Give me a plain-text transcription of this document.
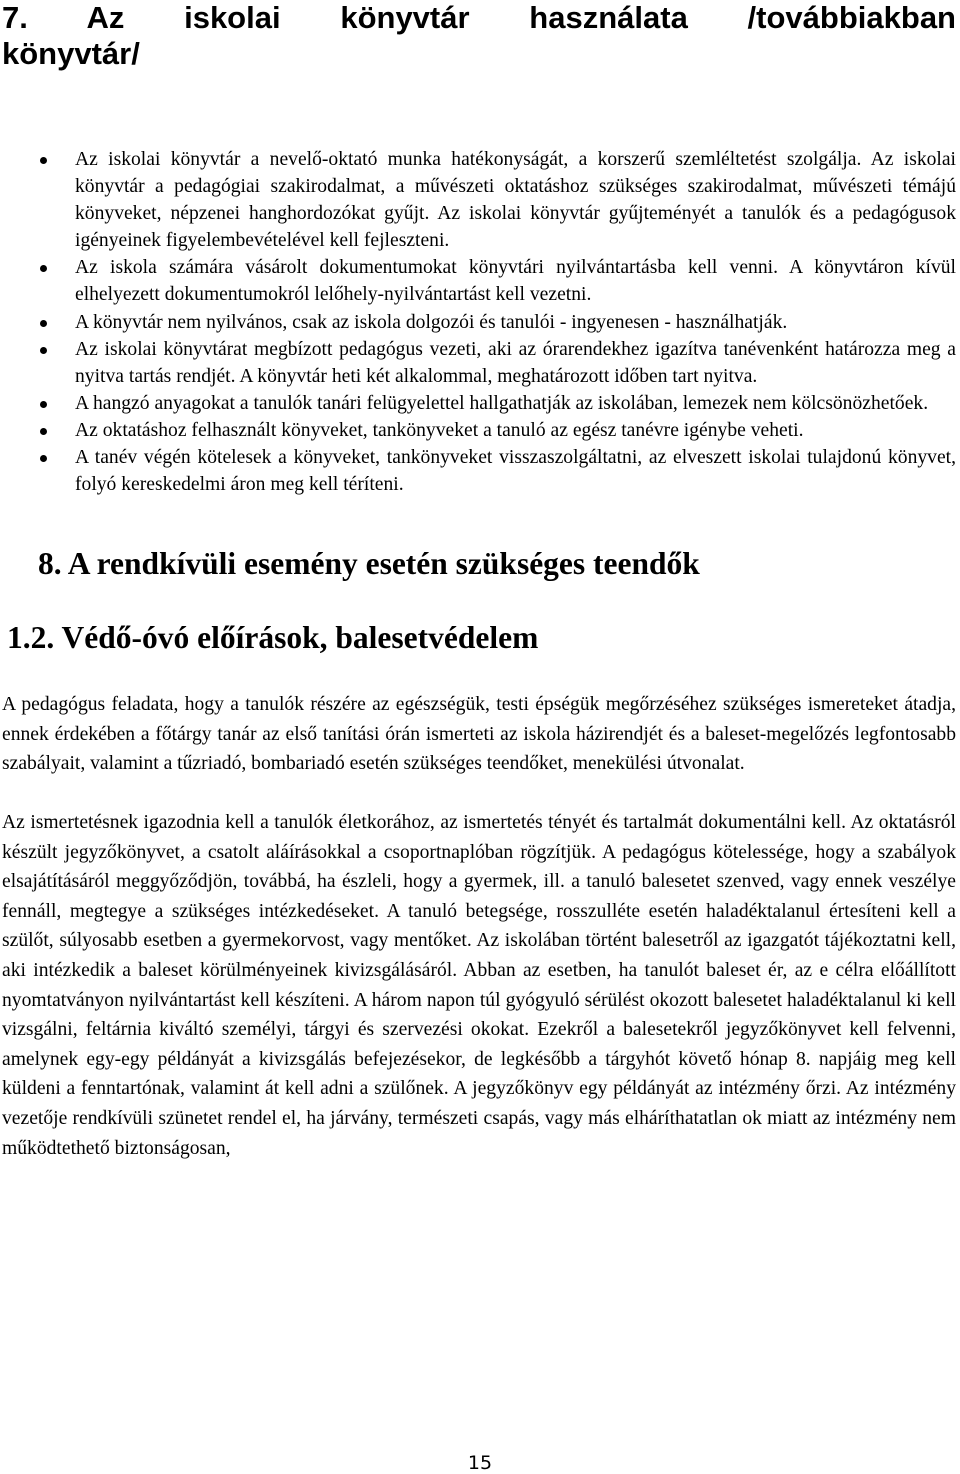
7. Az iskolai könyvtár használata /továbbiakban
könyvtár/
Az iskolai könyvtár a nevelő-oktató munka hatékonyságát, a korszerű szemléltetést szolgálja. Az iskolai könyvtár a pedagógiai szakirodalmat, a művészeti oktatáshoz szükséges szakirodalmat, művészeti témájú könyveket, népzenei hanghordozókat gyűjt. Az iskolai könyvtár gyűjteményét a tanulók és a pedagógusok igényeinek figyelembevételével kell fejleszteni.
Az iskola számára vásárolt dokumentumokat könyvtári nyilvántartásba kell venni. A könyvtáron kívül elhelyezett dokumentumokról lelőhely-nyilvántartást kell vezetni.
A könyvtár nem nyilvános, csak az iskola dolgozói és tanulói - ingyenesen - használhatják.
Az iskolai könyvtárat megbízott pedagógus vezeti, aki az órarendekhez igazítva tanévenként határozza meg a nyitva tartás rendjét. A könyvtár heti két alkalommal, meghatározott időben tart nyitva.
A hangzó anyagokat a tanulók tanári felügyelettel hallgathatják az iskolában, lemezek nem kölcsönözhetőek.
Az oktatáshoz felhasznált könyveket, tankönyveket a tanuló az egész tanévre igénybe veheti.
A tanév végén kötelesek a könyveket, tankönyveket visszaszolgáltatni, az elveszett iskolai tulajdonú könyvet, folyó kereskedelmi áron meg kell téríteni.
8. A rendkívüli esemény esetén szükséges teendők
1.2. Védő-óvó előírások, balesetvédelem

A pedagógus feladata, hogy a tanulók részére az egészségük, testi épségük megőrzéséhez szükséges ismereteket átadja, ennek érdekében a főtárgy tanár az első tanítási órán ismerteti az iskola házirendjét és a baleset-megelőzés legfontosabb szabályait, valamint a tűzriadó, bombariadó esetén szükséges teendőket, menekülési útvonalat.

Az ismertetésnek igazodnia kell a tanulók életkorához, az ismertetés tényét és tartalmát dokumentálni kell. Az oktatásról készült jegyzőkönyvet, a csatolt aláírásokkal a csoportnaplóban rögzítjük. A pedagógus kötelessége, hogy a szabályok elsajátításáról meggyőződjön, továbbá, ha észleli, hogy a gyermek, ill. a tanuló balesetet szenved, vagy ennek veszélye fennáll, megtegye a szükséges intézkedéseket. A tanuló betegsége, rosszulléte esetén haladéktalanul értesíteni kell a szülőt, súlyosabb esetben a gyermekorvost, vagy mentőket. Az iskolában történt balesetről az igazgatót tájékoztatni kell, aki intézkedik a baleset körülményeinek kivizsgálásáról. Abban az esetben, ha tanulót baleset ér, az e célra előállított nyomtatványon nyilvántartást kell készíteni. A három napon túl gyógyuló sérülést okozott balesetet haladéktalanul ki kell vizsgálni, feltárnia kiváltó személyi, tárgyi és szervezési okokat. Ezekről a balesetekről jegyzőkönyvet kell felvenni, amelynek egy-egy példányát a kivizsgálás befejezésekor, de legkésőbb a tárgyhót követő hónap 8. napjáig meg kell küldeni a fenntartónak, valamint át kell adni a szülőnek. A jegyzőkönyv egy példányát az intézmény őrzi. Az intézmény vezetője rendkívüli szünetet rendel el, ha járvány, természeti csapás, vagy más elháríthatatlan ok miatt az intézmény nem működtethető biztonságosan,

15
